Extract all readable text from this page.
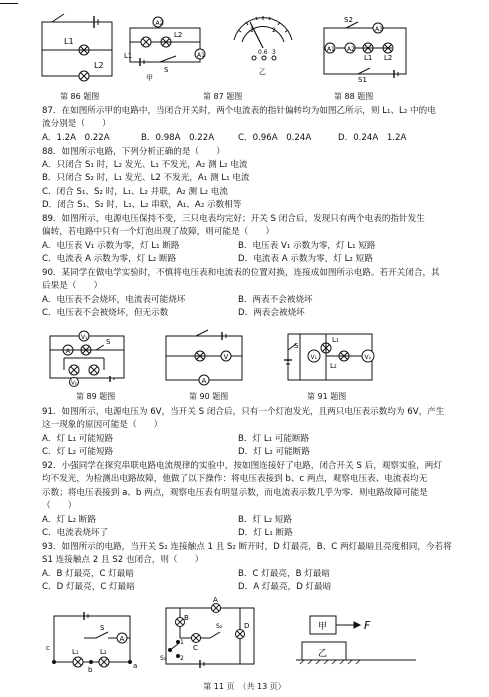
L1
L2
第 86 题图
A2
L2
L1
S
A1
甲
1	2
0.6 3
乙
第 87 题图
A3
S2
A1 A2
L1 L2
S1
第 88 题图
87．在如图所示甲的电路中，当闭合开关时，两个电流表的指针偏转均为如图乙所示，则 L₁、L₂ 中的电
流分别是（　　）
A．1.2A　0.22A	B．0.98A　0.22A	C．0.96A　0.24A	D．0.24A　1.2A
88．如图所示电路，下列分析正确的是（　　）
A．只闭合 S₁ 时，L₂ 发光、L₁ 不发光，A₂ 测 L₂ 电流
B．只闭合 S₂ 时，L₁ 发光、L2 不发光，A₁ 测 L₁ 电流
C．闭合 S₁、S₂ 时，L₁、L₂ 并联，A₂ 测 L₂ 电流
D．闭合 S₁、S₂ 时，L₁、L₂ 串联，A₁、A₂ 示数相等
89．如图所示，电源电压保持不变，三只电表均完好；开关 S 闭合后，发现只有两个电表的指针发生
偏转，若电路中只有一个灯泡出现了故障，则可能是（　　）
A．电压表 V₁ 示数为零，灯 L₁ 断路	B．电压表 V₁ 示数为零，灯 L₁ 短路
C．电流表 A 示数为零，灯 L₂ 断路	D．电流表 A 示数为零，灯 L₂ 短路
90．某同学在做电学实验时，不慎将电压表和电流表的位置对换，连接成如图所示电路。若开关闭合，其
后果是（　　）
A．电压表不会烧坏，电流表可能烧坏	B．两表不会被烧坏
C．电压表不会被烧坏，但无示数	D．两表会被烧坏
V₁
A
S
V₂
第 89 题图
A
V
第 90 题图
S
V₁
L₁
L₂
V₂
第 91 题图
91．如图所示，电源电压为 6V，当开关 S 闭合后，只有一个灯泡发光，且两只电压表示数均为 6V，产生
这一现象的原因可能是（　　）
A．灯 L₁ 可能短路	B．灯 L₁ 可能断路
C．灯 L₂ 可能短路	D．灯 L₂ 可能断路
92．小强同学在探究串联电路电流规律的实验中，按如图连接好了电路，闭合开关 S 后，观察实验，两灯
均不发光，为检测出电路故障，他做了以下操作：将电压表接到 b、c 两点，观察电压表、电流表均无
示数；将电压表接到 a、b 两点，观察电压表有明显示数，而电流表示数几乎为零．则电路故障可能是
（　　）
A．灯 L₂ 断路	B．灯 L₂ 短路
C．电流表烧坏了	D．灯 L₁ 断路
93．如图所示的电路，当开关 S₁ 连接触点 1 且 S₂ 断开时，D 灯最亮，B、C 两灯最暗且亮度相同，今若将
S1 连接触点 2 且 S2 也闭合，则（　　）
A．B 灯最亮，C 灯最暗	B．C 灯最亮，B 灯最暗
C．D 灯最亮，C 灯最暗	D．A 灯最亮，D 灯最暗
S
A
c	L₁	L₂
b	a
A
B
C
D
1
2
S₁
S₂	甲
乙
F
第 11 页　（共 13 页）
